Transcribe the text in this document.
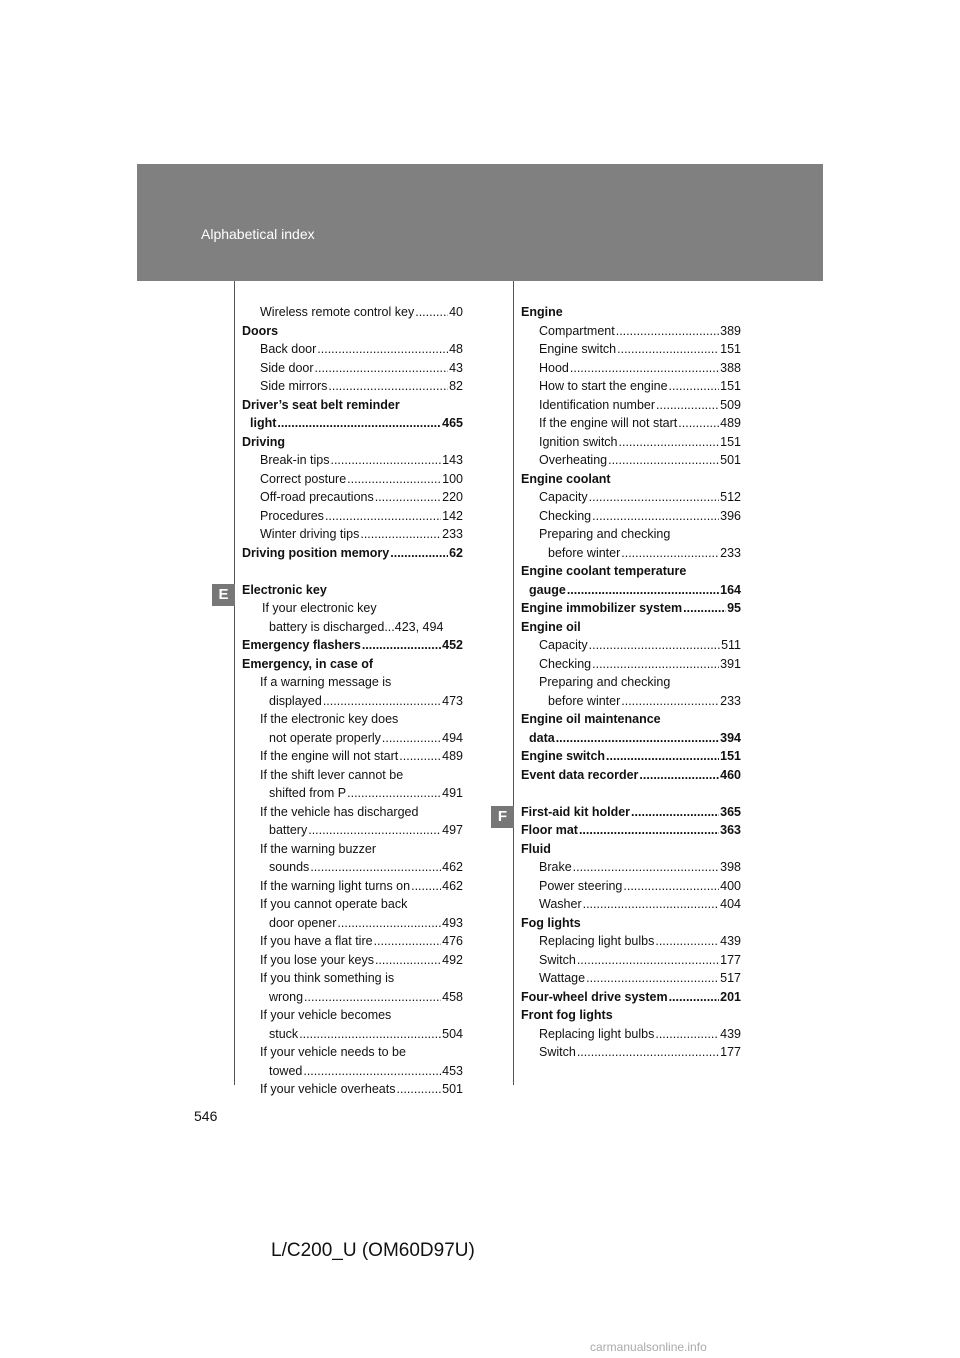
Alphabetical index
E
F
Wireless remote control key .....	40
Doors
Back door .....	48
Side door .....	43
Side mirrors .....	82
Driver’s seat belt reminder
light .....	465
Driving
Break-in tips .....	143
Correct posture .....	100
Off-road precautions .....	220
Procedures .....	142
Winter driving tips .....	233
Driving position memory .....	62
Electronic key
If your electronic key
battery is discharged...423, 494
Emergency flashers .....	452
Emergency, in case of
If a warning message is
displayed .....	473
If the electronic key does
not operate properly .....	494
If the engine will not start .....	489
If the shift lever cannot be
shifted from P .....	491
If the vehicle has discharged
battery .....	497
If the warning buzzer
sounds .....	462
If the warning light turns on .....	462
If you cannot operate back
door opener .....	493
If you have a flat tire .....	476
If you lose your keys .....	492
If you think something is
wrong .....	458
If your vehicle becomes
stuck .....	504
If your vehicle needs to be
towed .....	453
If your vehicle overheats .....	501
Engine
Compartment .....	389
Engine switch .....	151
Hood .....	388
How to start the engine .....	151
Identification number .....	509
If the engine will not start .....	489
Ignition switch .....	151
Overheating .....	501
Engine coolant
Capacity .....	512
Checking .....	396
Preparing and checking
before winter .....	233
Engine coolant temperature
gauge .....	164
Engine immobilizer system .....	95
Engine oil
Capacity .....	511
Checking .....	391
Preparing and checking
before winter .....	233
Engine oil maintenance
data .....	394
Engine switch .....	151
Event data recorder .....	460
First-aid kit holder .....	365
Floor mat .....	363
Fluid
Brake .....	398
Power steering .....	400
Washer .....	404
Fog lights
Replacing light bulbs .....	439
Switch .....	177
Wattage .....	517
Four-wheel drive system .....	201
Front fog lights
Replacing light bulbs .....	439
Switch .....	177
546
L/C200_U (OM60D97U)
carmanualsonline.info
